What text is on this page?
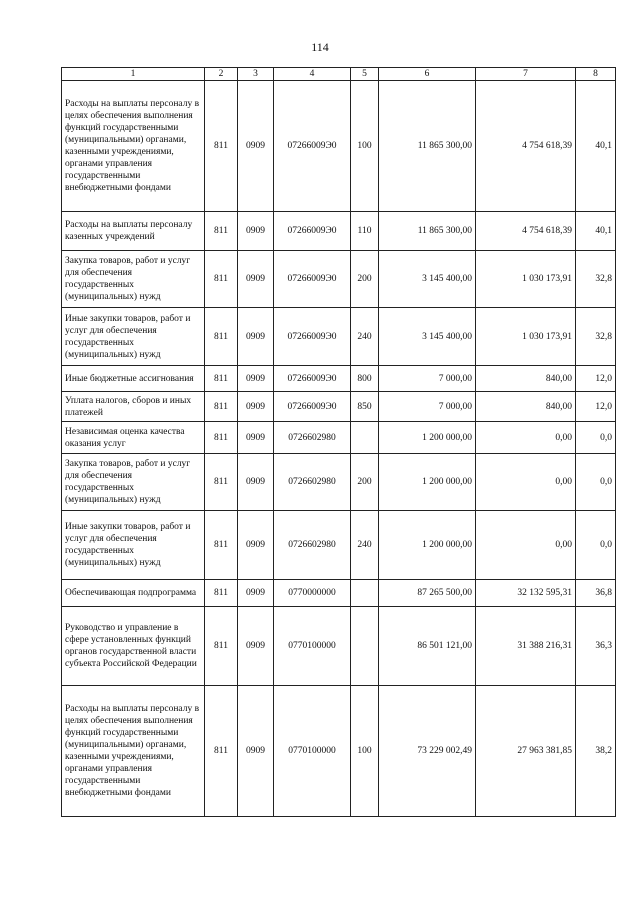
114
1	2	3	4	5	6	7	8
Расходы на выплаты персоналу в целях обеспечения выполнения функций государственными (муниципальными) органами, казенными учреждениями, органами управления государственными внебюджетными фондами	811	0909	07266009Э0	100	11 865 300,00	4 754 618,39	40,1
Расходы на выплаты персоналу казенных учреждений	811	0909	07266009Э0	110	11 865 300,00	4 754 618,39	40,1
Закупка товаров, работ и услуг для обеспечения государственных (муниципальных) нужд	811	0909	07266009Э0	200	3 145 400,00	1 030 173,91	32,8
Иные закупки товаров, работ и услуг для обеспечения государственных (муниципальных) нужд	811	0909	07266009Э0	240	3 145 400,00	1 030 173,91	32,8
Иные бюджетные ассигнования	811	0909	07266009Э0	800	7 000,00	840,00	12,0
Уплата налогов, сборов и иных платежей	811	0909	07266009Э0	850	7 000,00	840,00	12,0
Независимая оценка качества оказания услуг	811	0909	0726602980		1 200 000,00	0,00	0,0
Закупка товаров, работ и услуг для обеспечения государственных (муниципальных) нужд	811	0909	0726602980	200	1 200 000,00	0,00	0,0
Иные закупки товаров, работ и услуг для обеспечения государственных (муниципальных) нужд	811	0909	0726602980	240	1 200 000,00	0,00	0,0
Обеспечивающая подпрограмма	811	0909	0770000000		87 265 500,00	32 132 595,31	36,8
Руководство и управление в сфере установленных функций органов государственной власти субъекта Российской Федерации	811	0909	0770100000		86 501 121,00	31 388 216,31	36,3
Расходы на выплаты персоналу в целях обеспечения выполнения функций государственными (муниципальными) органами, казенными учреждениями, органами управления государственными внебюджетными фондами	811	0909	0770100000	100	73 229 002,49	27 963 381,85	38,2
